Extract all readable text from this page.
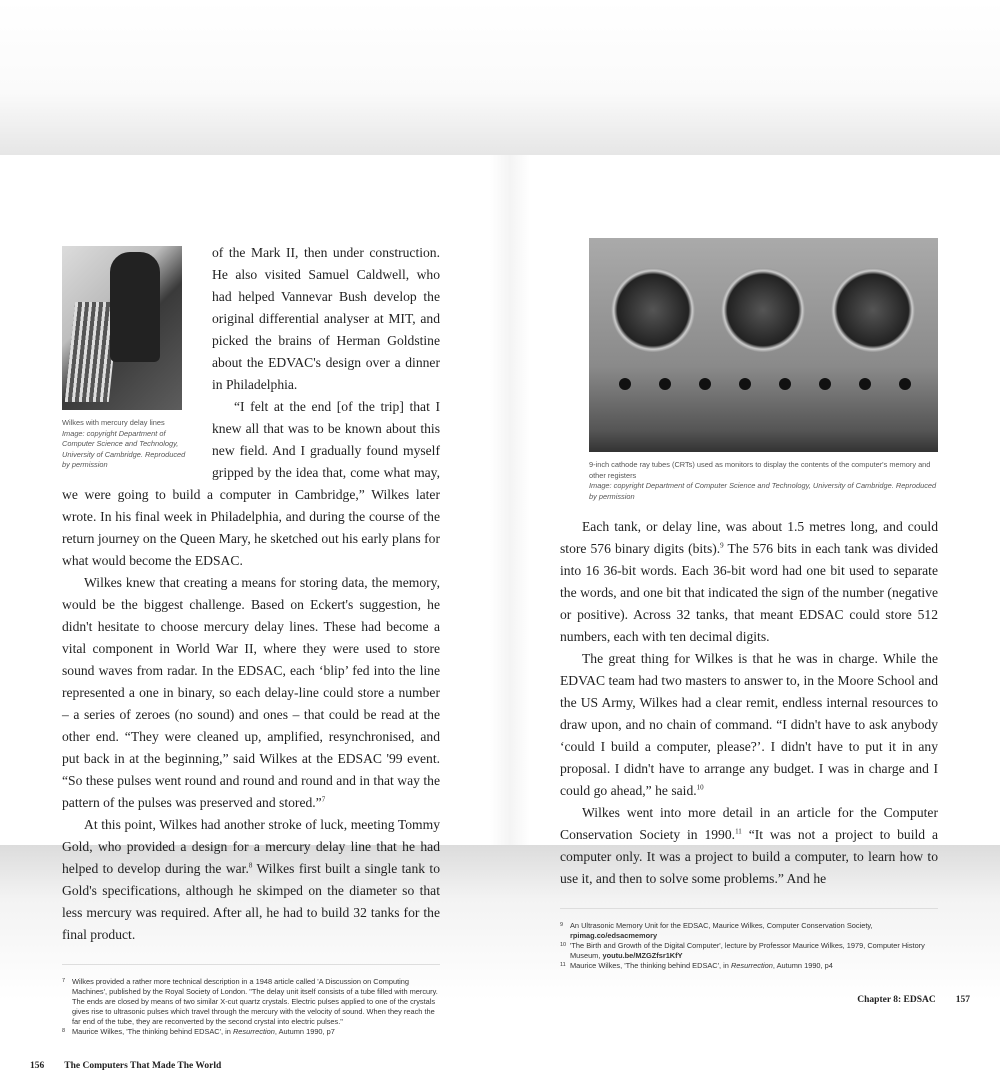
Wilkes with mercury delay lines
Image: copyright Department of Computer Science and Technology, University of Cambridge. Reproduced by permission

of the Mark II, then under construction. He also visited Samuel Caldwell, who had helped Vannevar Bush develop the original differential analyser at MIT, and picked the brains of Herman Goldstine about the EDVAC's design over a dinner in Philadelphia.

“I felt at the end [of the trip] that I knew all that was to be known about this new field. And I gradually found myself gripped by the idea that, come what may, we were going to build a computer in Cambridge,” Wilkes later wrote. In his final week in Philadelphia, and during the course of the return journey on the Queen Mary, he sketched out his early plans for what would become the EDSAC.

Wilkes knew that creating a means for storing data, the memory, would be the biggest challenge. Based on Eckert's suggestion, he didn't hesitate to choose mercury delay lines. These had become a vital component in World War II, where they were used to store sound waves from radar. In the EDSAC, each ‘blip’ fed into the line represented a one in binary, so each delay-line could store a number – a series of zeroes (no sound) and ones – that could be read at the other end. “They were cleaned up, amplified, resynchronised, and put back in at the beginning,” said Wilkes at the EDSAC '99 event. “So these pulses went round and round and round and in that way the pattern of the pulses was preserved and stored.”$^7$

At this point, Wilkes had another stroke of luck, meeting Tommy Gold, who provided a design for a mercury delay line that he had helped to develop during the war.$^8$ Wilkes first built a single tank to Gold's specifications, although he skimped on the diameter so that less mercury was required. After all, he had to build 32 tanks for the final product.

7 Wilkes provided a rather more technical description in a 1948 article called 'A Discussion on Computing Machines', published by the Royal Society of London. "The delay unit itself consists of a tube filled with mercury. The ends are closed by means of two similar X-cut quartz crystals. Electric pulses applied to one of the crystals gives rise to ultrasonic pulses which travel through the mercury with the velocity of sound. When they reach the far end of the tube, they are reconverted by the second crystal into electric pulses."
8 Maurice Wilkes, 'The thinking behind EDSAC', in Resurrection, Autumn 1990, p7
156 The Computers That Made The World
9-inch cathode ray tubes (CRTs) used as monitors to display the contents of the computer's memory and other registers
Image: copyright Department of Computer Science and Technology, University of Cambridge. Reproduced by permission

Each tank, or delay line, was about 1.5 metres long, and could store 576 binary digits (bits).$^9$ The 576 bits in each tank was divided into 16 36-bit words. Each 36-bit word had one bit used to separate the words, and one bit that indicated the sign of the number (negative or positive). Across 32 tanks, that meant EDSAC could store 512 numbers, each with ten decimal digits.

The great thing for Wilkes is that he was in charge. While the EDVAC team had two masters to answer to, in the Moore School and the US Army, Wilkes had a clear remit, endless internal resources to draw upon, and no chain of command. “I didn't have to ask anybody ‘could I build a computer, please?’. I didn't have to put it in any proposal. I didn't have to arrange any budget. I was in charge and I could go ahead,” he said.$^{10}$

Wilkes went into more detail in an article for the Computer Conservation Society in 1990.11 “It was not a project to build a computer only. It was a project to build a computer, to learn how to use it, and then to solve some problems.” And he

9 An Ultrasonic Memory Unit for the EDSAC, Maurice Wilkes, Computer Conservation Society,
rpimag.co/edsacmemory
10 'The Birth and Growth of the Digital Computer', lecture by Professor Maurice Wilkes, 1979, Computer History Museum, youtu.be/MZGZfsr1KfY
11 Maurice Wilkes, 'The thinking behind EDSAC', in Resurrection, Autumn 1990, p4
Chapter 8: EDSAC 157
